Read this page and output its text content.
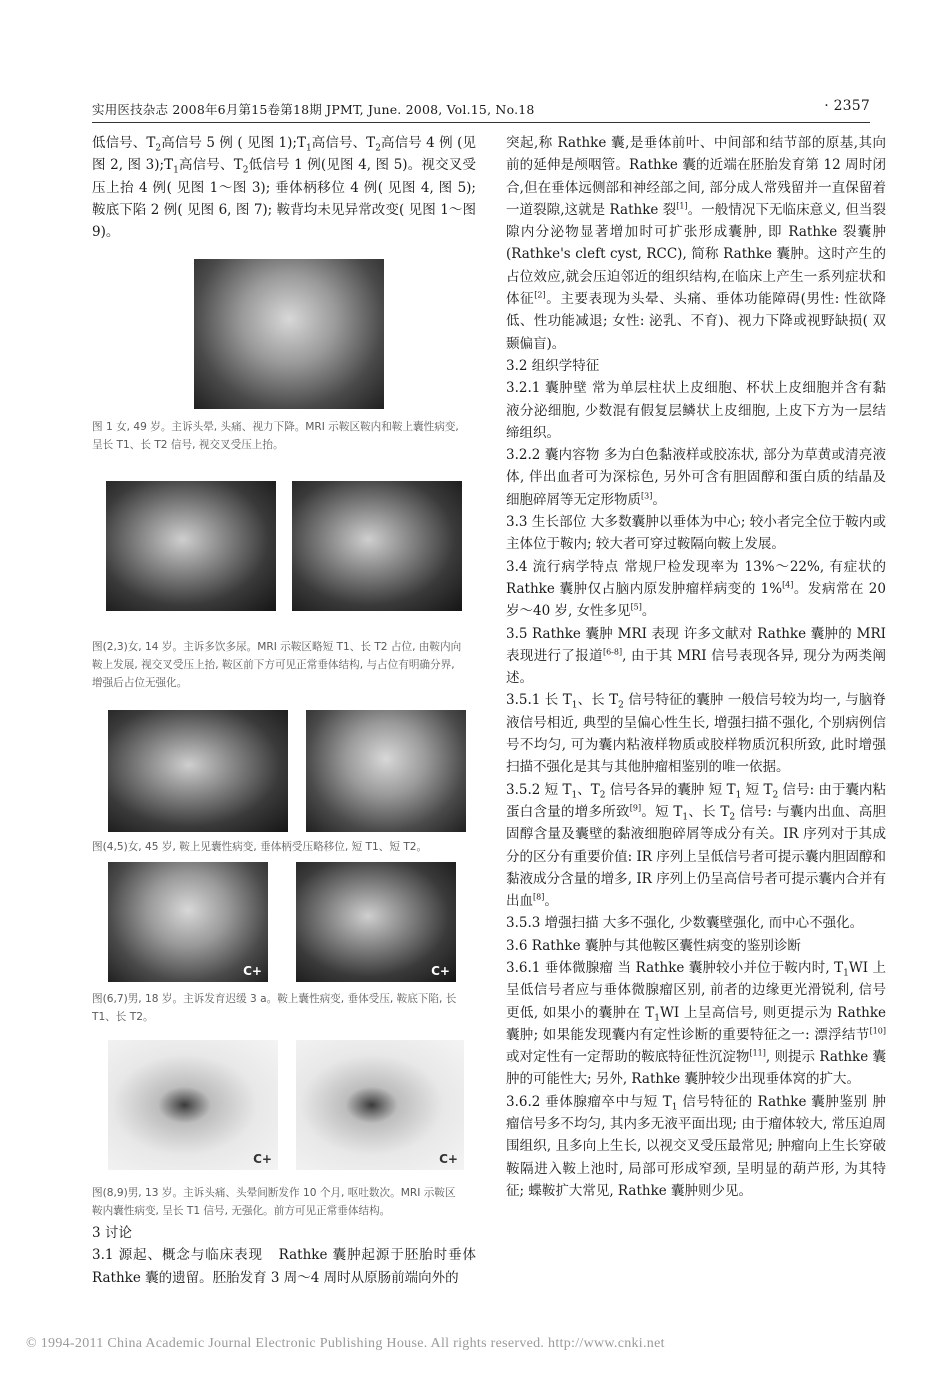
实用医技杂志 2008年6月第15卷第18期 JPMT, June. 2008, Vol.15, No.18	· 2357

低信号、$T_2$高信号 5 例 ( 见图 $1);T_1$高信号、$T_2$高信号 4 例 (见图 2, 图 $3);T_1$高信号、$T_2$低信号 1 例(见图 4, 图 5)。视交叉受压上抬 4 例( 见图 1～图 3); 垂体柄移位 4 例( 见图 4, 图 5); 鞍底下陷 2 例( 见图 6, 图 7); 鞍背均未见异常改变( 见图 1～图 9)。

图 1 女, 49 岁。主诉头晕, 头痛、视力下降。MRI 示鞍区鞍内和鞍上囊性病变, 呈长 T1、长 T2 信号, 视交叉受压上抬。
图(2,3)女, 14 岁。主诉多饮多尿。MRI 示鞍区略短 T1、长 T2 占位, 由鞍内向鞍上发展, 视交叉受压上抬, 鞍区前下方可见正常垂体结构, 与占位有明确分界, 增强后占位无强化。
图(4,5)女, 45 岁, 鞍上见囊性病变, 垂体柄受压略移位, 短 T1、短 T2。
C+	C+
图(6,7)男, 18 岁。主诉发育迟缓 3 a。鞍上囊性病变, 垂体受压, 鞍底下陷, 长 T1、长 T2。
C+	C+
图(8,9)男, 13 岁。主诉头痛、头晕间断发作 10 个月, 呕吐数次。MRI 示鞍区鞍内囊性病变, 呈长 T1 信号, 无强化。前方可见正常垂体结构。

3 讨论

3.1 源起、概念与临床表现 Rathke 囊肿起源于胚胎时垂体 Rathke 囊的遗留。胚胎发育 3 周～4 周时从原肠前端向外的

突起,称 Rathke 囊,是垂体前叶、中间部和结节部的原基,其向前的延伸是颅咽管。Rathke 囊的近端在胚胎发育第 12 周时闭合,但在垂体远侧部和神经部之间, 部分成人常残留并一直保留着一道裂隙,这就是 Rathke 裂[1]。一般情况下无临床意义, 但当裂隙内分泌物显著增加时可扩张形成囊肿, 即 Rathke 裂囊肿(Rathke's cleft cyst, RCC), 简称 Rathke 囊肿。这时产生的占位效应,就会压迫邻近的组织结构,在临床上产生一系列症状和体征[2]。主要表现为头晕、头痛、垂体功能障碍(男性: 性欲降低、性功能减退; 女性: 泌乳、不育)、视力下降或视野缺损( 双颞偏盲)。

3.2 组织学特征

3.2.1 囊肿壁 常为单层柱状上皮细胞、杯状上皮细胞并含有黏液分泌细胞, 少数混有假复层鳞状上皮细胞, 上皮下方为一层结缔组织。

3.2.2 囊内容物 多为白色黏液样或胶冻状, 部分为草黄或清亮液体, 伴出血者可为深棕色, 另外可含有胆固醇和蛋白质的结晶及细胞碎屑等无定形物质[3]。

3.3 生长部位 大多数囊肿以垂体为中心; 较小者完全位于鞍内或主体位于鞍内; 较大者可穿过鞍隔向鞍上发展。

3.4 流行病学特点 常规尸检发现率为 13%～22%, 有症状的 Rathke 囊肿仅占脑内原发肿瘤样病变的 1%[4]。发病常在 20 岁～40 岁, 女性多见[5]。

3.5 Rathke 囊肿 MRI 表现 许多文献对 Rathke 囊肿的 MRI 表现进行了报道[6-8], 由于其 MRI 信号表现各异, 现分为两类阐述。

3.5.1 长 $T_1$、长 $T_2$ 信号特征的囊肿 一般信号较为均一, 与脑脊液信号相近, 典型的呈偏心性生长, 增强扫描不强化, 个别病例信号不均匀, 可为囊内粘液样物质或胶样物质沉积所致, 此时增强扫描不强化是其与其他肿瘤相鉴别的唯一依据。

3.5.2 短 $T_1$、$T_2$ 信号各异的囊肿 短 $T_1$ 短 $T_2$ 信号: 由于囊内粘蛋白含量的增多所致[9]。短 $T_1$、长 $T_2$ 信号: 与囊内出血、高胆固醇含量及囊壁的黏液细胞碎屑等成分有关。IR 序列对于其成分的区分有重要价值: IR 序列上呈低信号者可提示囊内胆固醇和黏液成分含量的增多, IR 序列上仍呈高信号者可提示囊内合并有出血[8]。

3.5.3 增强扫描 大多不强化, 少数囊壁强化, 而中心不强化。

3.6 Rathke 囊肿与其他鞍区囊性病变的鉴别诊断

3.6.1 垂体微腺瘤 当 Rathke 囊肿较小并位于鞍内时, $T_1WI$ 上呈低信号者应与垂体微腺瘤区别, 前者的边缘更光滑锐利, 信号更低, 如果小的囊肿在 $T_1WI$ 上呈高信号, 则更提示为 Rathke 囊肿; 如果能发现囊内有定性诊断的重要特征之一: 漂浮结节[10]或对定性有一定帮助的鞍底特征性沉淀物[11], 则提示 Rathke 囊肿的可能性大; 另外, Rathke 囊肿较少出现垂体窝的扩大。

3.6.2 垂体腺瘤卒中与短 $T_1$ 信号特征的 Rathke 囊肿鉴别 肿瘤信号多不均匀, 其内多无液平面出现; 由于瘤体较大, 常压迫周围组织, 且多向上生长, 以视交叉受压最常见; 肿瘤向上生长穿破鞍隔进入鞍上池时, 局部可形成窄颈, 呈明显的葫芦形, 为其特征; 蝶鞍扩大常见, Rathke 囊肿则少见。

© 1994-2011 China Academic Journal Electronic Publishing House. All rights reserved. http://www.cnki.net
